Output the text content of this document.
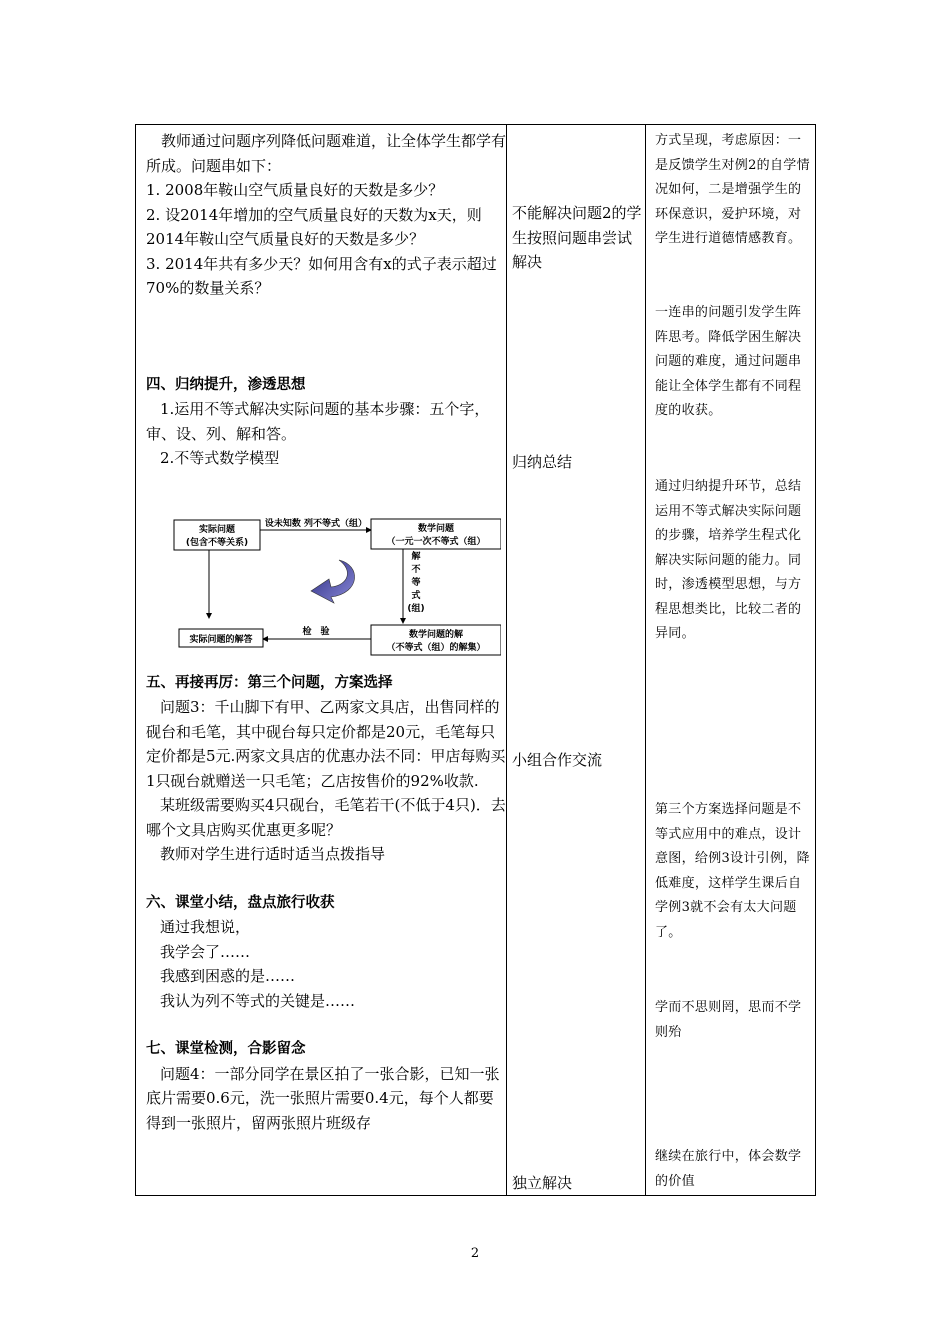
　教师通过问题序列降低问题难道，让全体学生都学有所成。问题串如下：

1. 2008年鞍山空气质量良好的天数是多少？

2. 设2014年增加的空气质量良好的天数为x天，则2014年鞍山空气质量良好的天数是多少？

3. 2014年共有多少天？如何用含有x的式子表示超过70%的数量关系？

四、归纳提升，渗透思想

1.运用不等式解决实际问题的基本步骤：五个字，审、设、列、解和答。

2.不等式数学模型

五、再接再厉：第三个问题，方案选择

问题3：千山脚下有甲、乙两家文具店，出售同样的砚台和毛笔，其中砚台每只定价都是20元，毛笔每只定价都是5元.两家文具店的优惠办法不同：甲店每购买1只砚台就赠送一只毛笔；乙店按售价的92%收款.

某班级需要购买4只砚台，毛笔若干(不低于4只)．去哪个文具店购买优惠更多呢？

教师对学生进行适时适当点拨指导

六、课堂小结，盘点旅行收获

通过我想说，

我学会了……

我感到困惑的是……

我认为列不等式的关键是……

七、课堂检测，合影留念

问题4：一部分同学在景区拍了一张合影，已知一张底片需要0.6元，洗一张照片需要0.4元，每个人都要得到一张照片，留两张照片班级存

实际问题
(包含不等关系)
设未知数 列不等式（组）	数学问题
（一元一次不等式（组）
解
不
等
式
(组)
数学问题的解
（不等式（组）的解集）
检　验
实际问题的解答
不能解决问题2的学生按照问题串尝试解决
归纳总结
小组合作交流
独立解决
方式呈现，考虑原因：一是反馈学生对例2的自学情况如何，二是增强学生的环保意识，爱护环境，对学生进行道德情感教育。
一连串的问题引发学生阵阵思考。降低学困生解决问题的难度，通过问题串能让全体学生都有不同程度的收获。
通过归纳提升环节，总结运用不等式解决实际问题的步骤，培养学生程式化解决实际问题的能力。同时，渗透模型思想，与方程思想类比，比较二者的异同。
第三个方案选择问题是不等式应用中的难点，设计意图，给例3设计引例，降低难度，这样学生课后自学例3就不会有太大问题了。
学而不思则罔，思而不学则殆
继续在旅行中，体会数学的价值
2
